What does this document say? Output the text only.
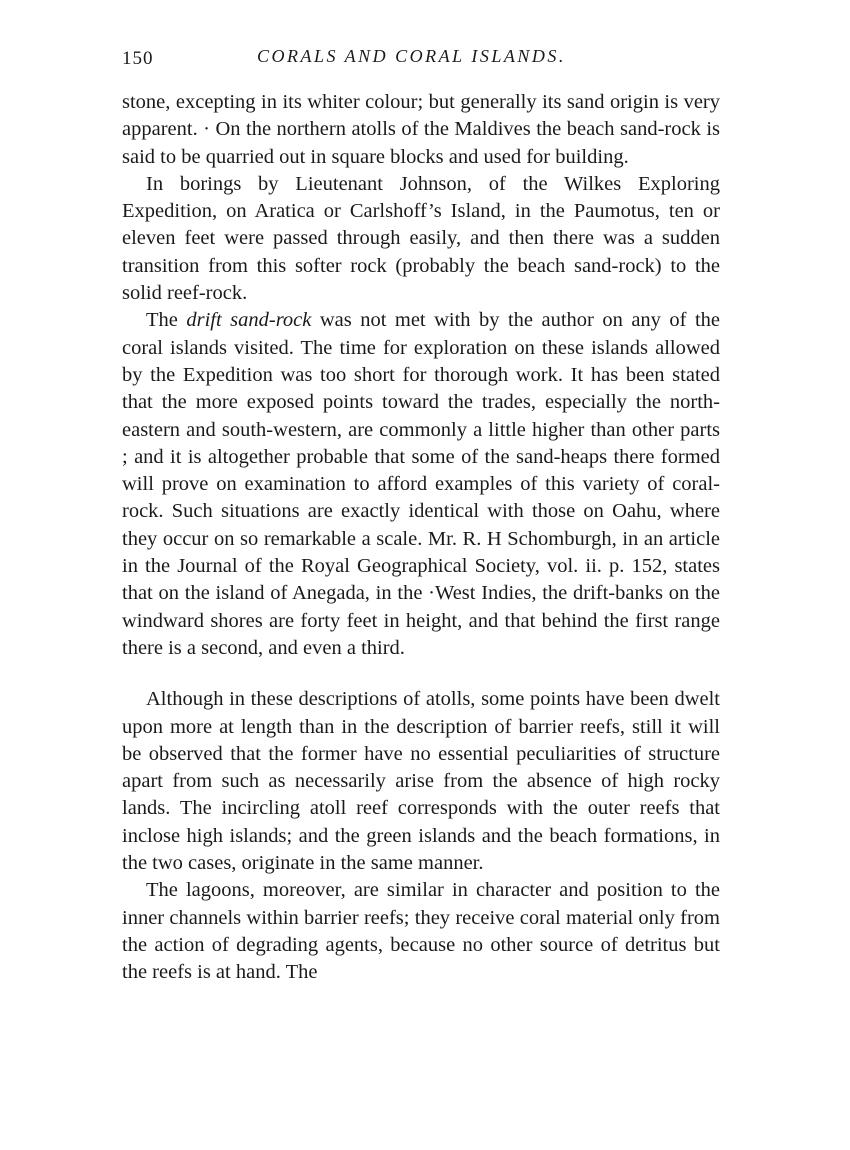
150	CORALS AND CORAL ISLANDS.

stone, excepting in its whiter colour; but generally its sand origin is very apparent. · On the northern atolls of the Maldives the beach sand-rock is said to be quarried out in square blocks and used for building.

In borings by Lieutenant Johnson, of the Wilkes Exploring Expedition, on Aratica or Carlshoff’s Island, in the Paumotus, ten or eleven feet were passed through easily, and then there was a sudden transition from this softer rock (probably the beach sand-rock) to the solid reef-rock.

The drift sand-rock was not met with by the author on any of the coral islands visited. The time for exploration on these islands allowed by the Expedition was too short for thorough work. It has been stated that the more exposed points toward the trades, especially the north-eastern and south-western, are commonly a little higher than other parts ; and it is altogether probable that some of the sand-heaps there formed will prove on examination to afford examples of this variety of coral-rock. Such situations are exactly identical with those on Oahu, where they occur on so remarkable a scale. Mr. R. H Schomburgh, in an article in the Journal of the Royal Geographical Society, vol. ii. p. 152, states that on the island of Anegada, in the ·West Indies, the drift-banks on the windward shores are forty feet in height, and that behind the first range there is a second, and even a third.

Although in these descriptions of atolls, some points have been dwelt upon more at length than in the description of barrier reefs, still it will be observed that the former have no essential peculiarities of structure apart from such as necessarily arise from the absence of high rocky lands. The incircling atoll reef corresponds with the outer reefs that inclose high islands; and the green islands and the beach formations, in the two cases, originate in the same manner.

The lagoons, moreover, are similar in character and position to the inner channels within barrier reefs; they receive coral material only from the action of degrading agents, because no other source of detritus but the reefs is at hand. The
